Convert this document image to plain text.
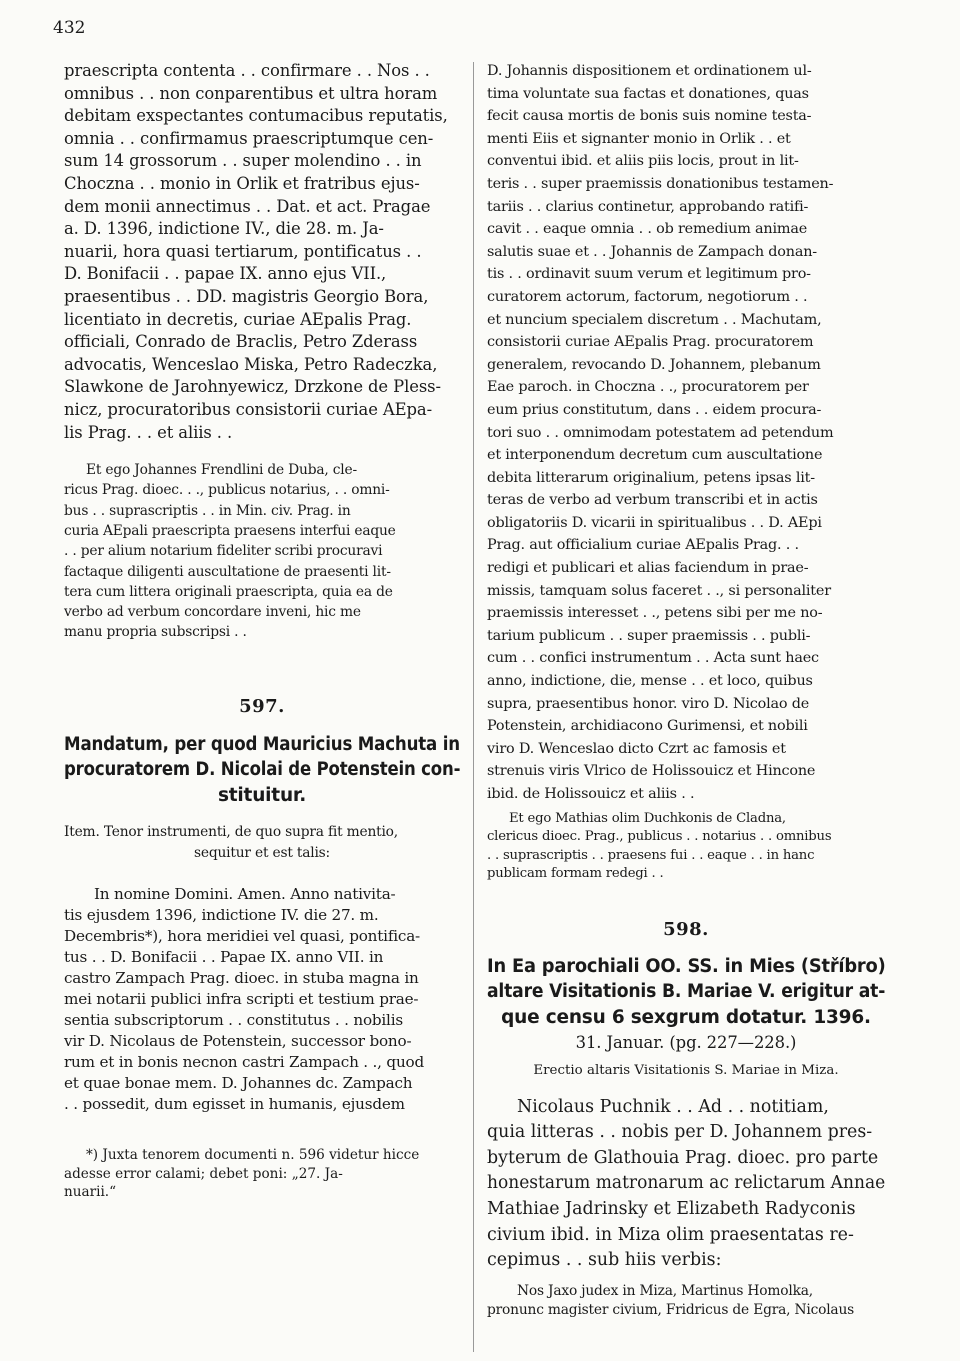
432
praescripta contenta . . confirmare . . Nos . .
omnibus . . non conparentibus et ultra horam
debitam exspectantes contumacibus reputatis,
omnia . . confirmamus praescriptumque cen-
sum 14 grossorum . . super molendino . . in
Choczna . . monio in Orlik et fratribus ejus-
dem monii annectimus . . Dat. et act. Pragae
a. D. 1396, indictione IV., die 28. m. Ja-
nuarii, hora quasi tertiarum, pontificatus . .
D. Bonifacii . . papae IX. anno ejus VII.,
praesentibus . . DD. magistris Georgio Bora,
licentiato in decretis, curiae AEpalis Prag.
officiali, Conrado de Braclis, Petro Zderass
advocatis, Wenceslao Miska, Petro Radeczka,
Slawkone de Jarohnyewicz, Drzkone de Pless-
nicz, procuratoribus consistorii curiae AEpa-
lis Prag. . . et aliis . .
Et ego Johannes Frendlini de Duba, cle-
ricus Prag. dioec. . ., publicus notarius, . . omni-
bus . . suprascriptis . . in Min. civ. Prag. in
curia AEpali praescripta praesens interfui eaque
. . per alium notarium fideliter scribi procuravi
factaque diligenti auscultatione de praesenti lit-
tera cum littera originali praescripta, quia ea de
verbo ad verbum concordare inveni, hic me
manu propria subscripsi . .
597.
Mandatum, per quod Mauricius Machuta in
procuratorem D. Nicolai de Potenstein con-
stituitur.
Item. Tenor instrumenti, de quo supra fit mentio,
sequitur et est talis:
In nomine Domini. Amen. Anno nativita-
tis ejusdem 1396, indictione IV. die 27. m.
Decembris*), hora meridiei vel quasi, pontifica-
tus . . D. Bonifacii . . Papae IX. anno VII. in
castro Zampach Prag. dioec. in stuba magna in
mei notarii publici infra scripti et testium prae-
sentia subscriptorum . . constitutus . . nobilis
vir D. Nicolaus de Potenstein, successor bono-
rum et in bonis necnon castri Zampach . ., quod
et quae bonae mem. D. Johannes dc. Zampach
. . possedit, dum egisset in humanis, ejusdem
*) Juxta tenorem documenti n. 596 videtur hicce
adesse error calami; debet poni: „27. Ja-
nuarii.“
D. Johannis dispositionem et ordinationem ul-
tima voluntate sua factas et donationes, quas
fecit causa mortis de bonis suis nomine testa-
menti Eiis et signanter monio in Orlik . . et
conventui ibid. et aliis piis locis, prout in lit-
teris . . super praemissis donationibus testamen-
tariis . . clarius continetur, approbando ratifi-
cavit . . eaque omnia . . ob remedium animae
salutis suae et . . Johannis de Zampach donan-
tis . . ordinavit suum verum et legitimum pro-
curatorem actorum, factorum, negotiorum . .
et nuncium specialem discretum . . Machutam,
consistorii curiae AEpalis Prag. procuratorem
generalem, revocando D. Johannem, plebanum
Eae paroch. in Choczna . ., procuratorem per
eum prius constitutum, dans . . eidem procura-
tori suo . . omnimodam potestatem ad petendum
et interponendum decretum cum auscultatione
debita litterarum originalium, petens ipsas lit-
teras de verbo ad verbum transcribi et in actis
obligatoriis D. vicarii in spiritualibus . . D. AEpi
Prag. aut officialium curiae AEpalis Prag. . .
redigi et publicari et alias faciendum in prae-
missis, tamquam solus faceret . ., si personaliter
praemissis interesset . ., petens sibi per me no-
tarium publicum . . super praemissis . . publi-
cum . . confici instrumentum . . Acta sunt haec
anno, indictione, die, mense . . et loco, quibus
supra, praesentibus honor. viro D. Nicolao de
Potenstein, archidiacono Gurimensi, et nobili
viro D. Wenceslao dicto Czrt ac famosis et
strenuis viris Vlrico de Holissouicz et Hincone
ibid. de Holissouicz et aliis . .
Et ego Mathias olim Duchkonis de Cladna,
clericus dioec. Prag., publicus . . notarius . . omnibus
. . suprascriptis . . praesens fui . . eaque . . in hanc
publicam formam redegi . .
598.
In Ea parochiali OO. SS. in Mies (Stříbro)
altare Visitationis B. Mariae V. erigitur at-
que censu 6 sexgrum dotatur. 1396.
31. Januar. (pg. 227—228.)
Erectio altaris Visitationis S. Mariae in Miza.
Nicolaus Puchnik . . Ad . . notitiam,
quia litteras . . nobis per D. Johannem pres-
byterum de Glathouia Prag. dioec. pro parte
honestarum matronarum ac relictarum Annae
Mathiae Jadrinsky et Elizabeth Radyconis
civium ibid. in Miza olim praesentatas re-
cepimus . . sub hiis verbis:
Nos Jaxo judex in Miza, Martinus Homolka,
pronunc magister civium, Fridricus de Egra, Nicolaus
